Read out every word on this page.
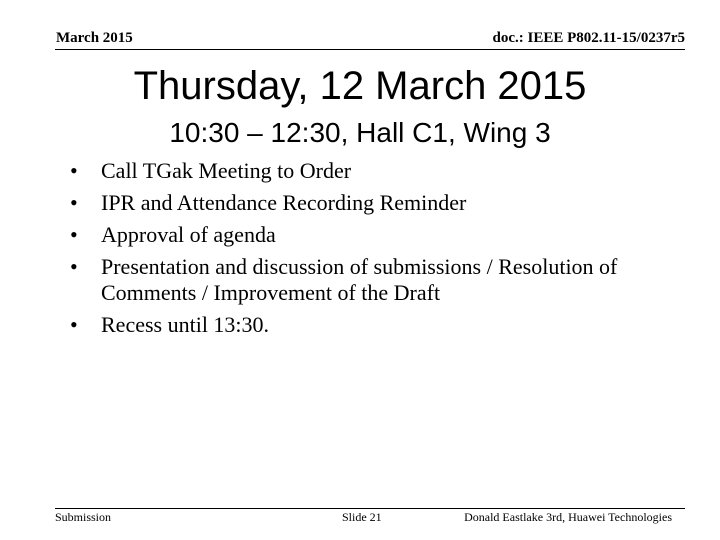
March 2015	doc.: IEEE P802.11-15/0237r5
Thursday, 12 March 2015
10:30 – 12:30, Hall C1, Wing 3
• Call TGak Meeting to Order
• IPR and Attendance Recording Reminder
• Approval of agenda
• Presentation and discussion of submissions / Resolution of Comments / Improvement of the Draft
• Recess until 13:30.
Submission	Slide 21	Donald Eastlake 3rd, Huawei Technologies
